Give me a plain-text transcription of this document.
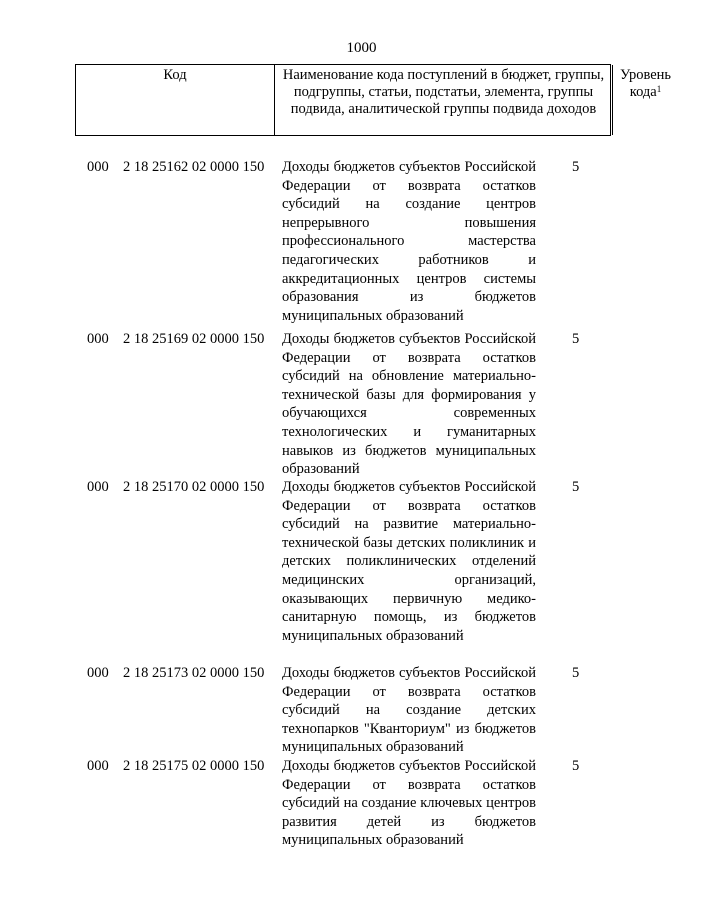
1000
Код	Наименование кода поступлений в бюджет, группы, подгруппы, статьи, подстатьи, элемента, группы подвида, аналитической группы подвида доходов
Уровень
кода$^1$
000 2 18 25162 02 0000 150 Доходы бюджетов субъектов Российской Федерации от возврата остатков субсидий на создание центров непрерывного повышения профессионального мастерства педагогических работников и аккредитационных центров системы образования из бюджетов муниципальных образований
5
000 2 18 25169 02 0000 150 Доходы бюджетов субъектов Российской Федерации от возврата остатков субсидий на обновление материально-технической базы для формирования у обучающихся современных технологических и гуманитарных навыков из бюджетов муниципальных образований
5
000 2 18 25170 02 0000 150 Доходы бюджетов субъектов Российской Федерации от возврата остатков субсидий на развитие материально-технической базы детских поликлиник и детских поликлинических отделений медицинских организаций, оказывающих первичную медико-санитарную помощь, из бюджетов муниципальных образований
5
000 2 18 25173 02 0000 150 Доходы бюджетов субъектов Российской Федерации от возврата остатков субсидий на создание детских технопарков "Кванториум" из бюджетов муниципальных образований
5
000 2 18 25175 02 0000 150 Доходы бюджетов субъектов Российской Федерации от возврата остатков субсидий на создание ключевых центров развития детей из бюджетов муниципальных образований
5
